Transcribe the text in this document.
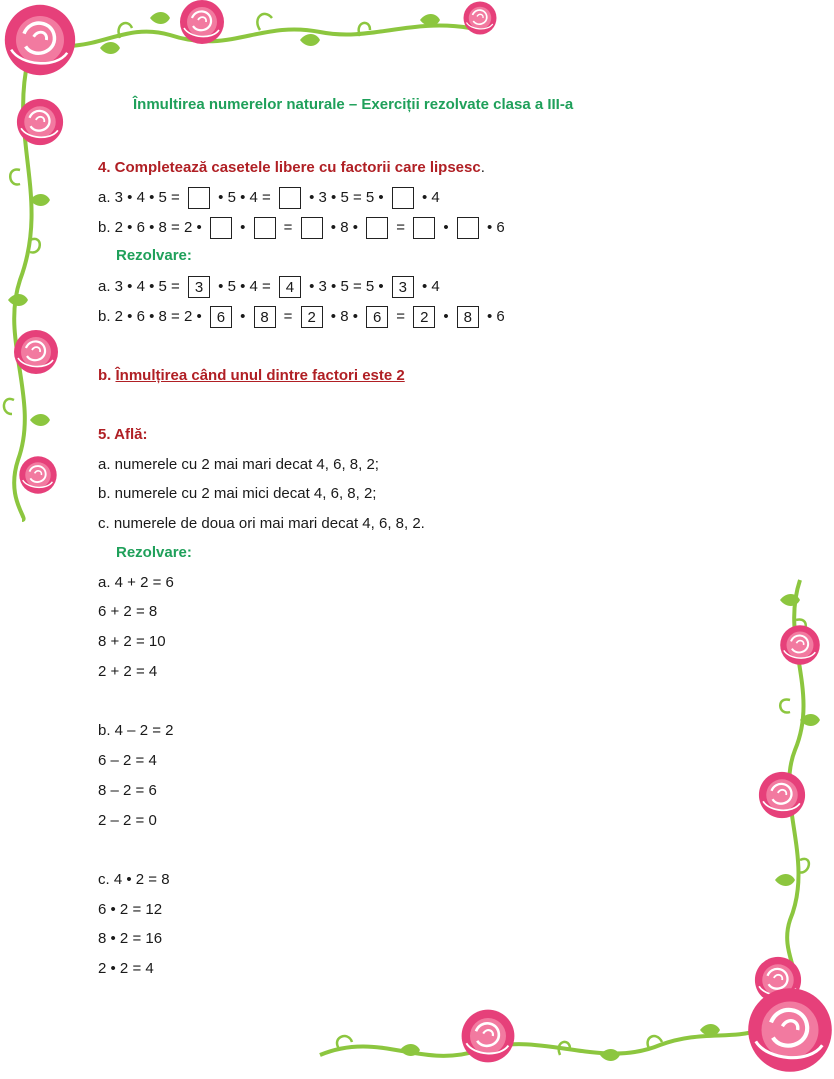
Înmultirea numerelor naturale – Exerciții rezolvate clasa a III-a
4. Completează casetele libere cu factorii care lipsesc.
a. 3 • 4 • 5 =  • 5 • 4 =  • 3 • 5 = 5 •  • 4
b. 2 • 6 • 8 = 2 •  •  =  • 8 •  =  •  • 6
Rezolvare:
a. 3 • 4 • 5 = 3 • 5 • 4 = 4 • 3 • 5 = 5 • 3 • 4
b. 2 • 6 • 8 = 2 • 6 • 8 = 2 • 8 • 6 = 2 • 8 • 6
b. Înmulțirea când unul dintre factori este 2
5. Află:
a. numerele cu 2 mai mari decat 4, 6, 8, 2;
b. numerele cu 2 mai mici decat 4, 6, 8, 2;
c. numerele de doua ori mai mari decat 4, 6, 8, 2.
Rezolvare:
a. 4 + 2 = 6
6 + 2 = 8
8 + 2 = 10
2 + 2 = 4
b. 4 – 2 = 2
6 – 2 = 4
8 – 2 = 6
2 – 2 = 0
c. 4 • 2 = 8
6 • 2 = 12
8 • 2 = 16
2 • 2 = 4
